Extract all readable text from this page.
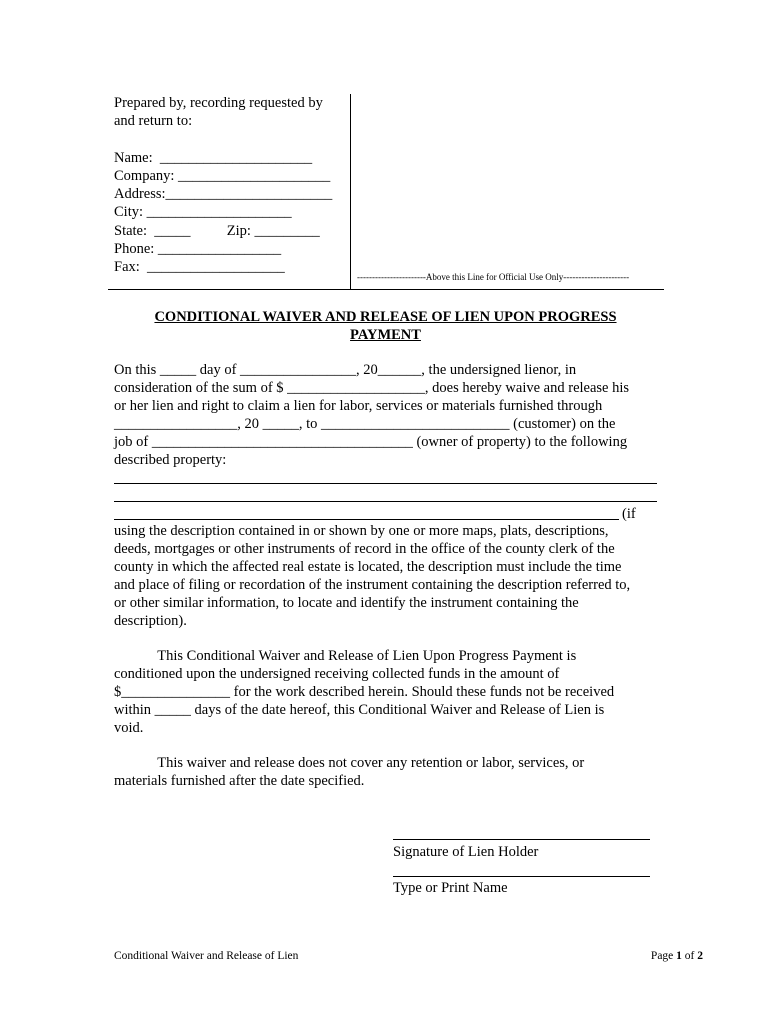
Prepared by, recording requested by
and return to:
Name:  _____________________
Company: _____________________
Address:_______________________
City: ____________________
State:  _____          Zip: _________
Phone: _________________
Fax:  ___________________
-----------------------Above this Line for Official Use Only----------------------
CONDITIONAL WAIVER AND RELEASE OF LIEN UPON PROGRESS
PAYMENT
On this _____ day of ________________, 20______, the undersigned lienor, in
consideration of the sum of $ ___________________, does hereby waive and release his
or her lien and right to claim a lien for labor, services or materials furnished through
_________________, 20 _____, to __________________________ (customer) on the
job of ____________________________________ (owner of property) to the following
described property:
(if
using the description contained in or shown by one or more maps, plats, descriptions,
deeds, mortgages or other instruments of record in the office of the county clerk of the
county in which the affected real estate is located, the description must include the time
and place of filing or recordation of the instrument containing the description referred to,
or other similar information, to locate and identify the instrument containing the
description).
This Conditional Waiver and Release of Lien Upon Progress Payment is
conditioned upon the undersigned receiving collected funds in the amount of
$_______________ for the work described herein. Should these funds not be received
within _____ days of the date hereof, this Conditional Waiver and Release of Lien is
void.
This waiver and release does not cover any retention or labor, services, or
materials furnished after the date specified.
Signature of Lien Holder
Type or Print Name
Conditional Waiver and Release of Lien	Page 1 of 2
